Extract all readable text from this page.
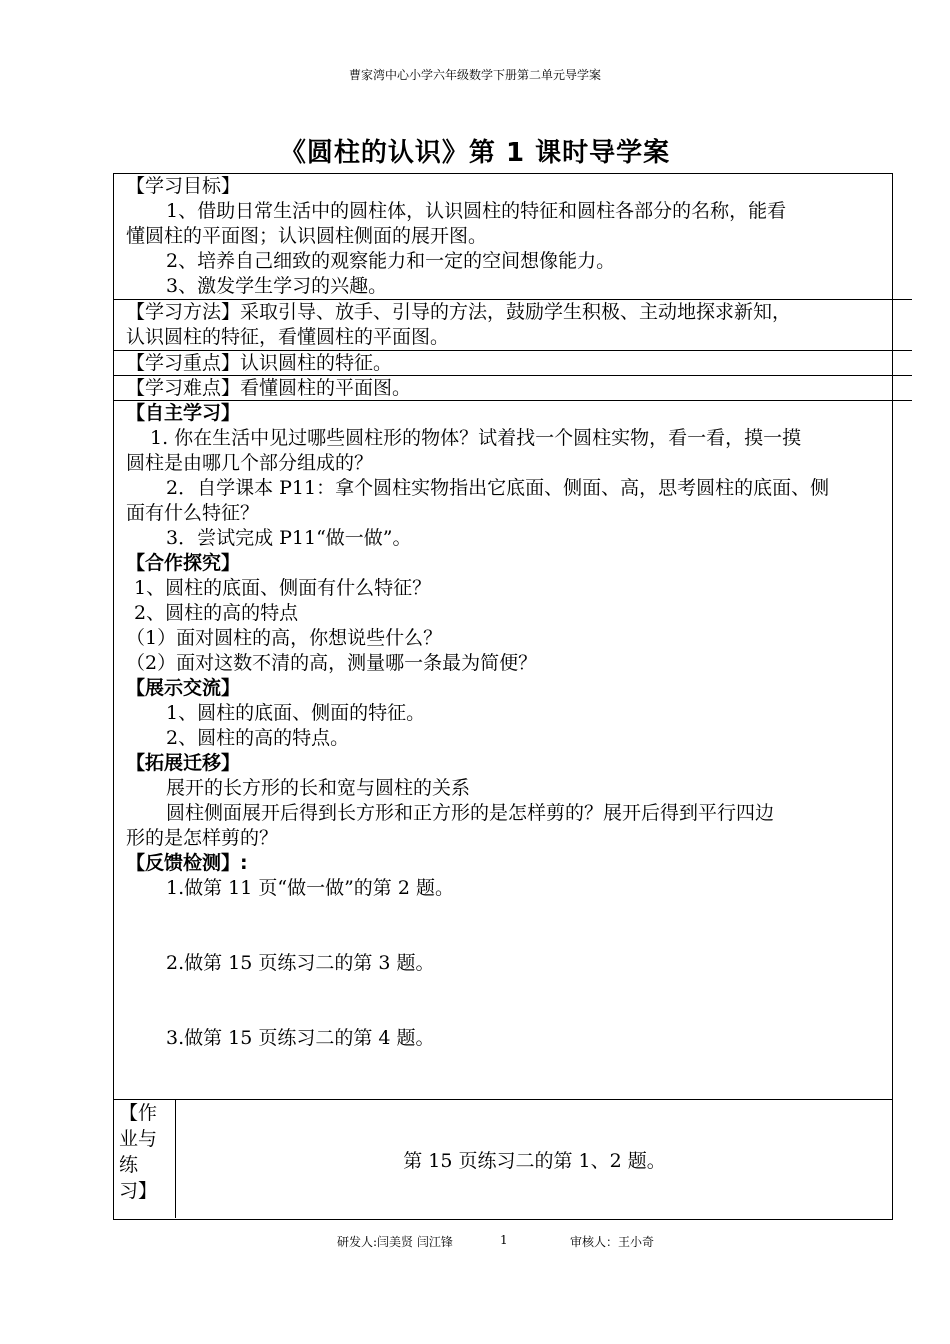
曹家湾中心小学六年级数学下册第二单元导学案
《圆柱的认识》第 1 课时导学案
【学习目标】
1、借助日常生活中的圆柱体，认识圆柱的特征和圆柱各部分的名称，能看
懂圆柱的平面图；认识圆柱侧面的展开图。
2、培养自己细致的观察能力和一定的空间想像能力。
3、激发学生学习的兴趣。
【学习方法】采取引导、放手、引导的方法，鼓励学生积极、主动地探求新知，
认识圆柱的特征，看懂圆柱的平面图。
【学习重点】认识圆柱的特征。
【学习难点】看懂圆柱的平面图。
【自主学习】
1. 你在生活中见过哪些圆柱形的物体？试着找一个圆柱实物，看一看，摸一摸
圆柱是由哪几个部分组成的？
2．自学课本 P11：拿个圆柱实物指出它底面、侧面、高，思考圆柱的底面、侧
面有什么特征？
3．尝试完成 P11“做一做”。
【合作探究】
1、圆柱的底面、侧面有什么特征？
2、圆柱的高的特点
（1）面对圆柱的高，你想说些什么？
（2）面对这数不清的高，测量哪一条最为简便？
【展示交流】
1、圆柱的底面、侧面的特征。
2、圆柱的高的特点。
【拓展迁移】
展开的长方形的长和宽与圆柱的关系
圆柱侧面展开后得到长方形和正方形的是怎样剪的？展开后得到平行四边
形的是怎样剪的？
【反馈检测】:
1.做第 11 页“做一做”的第 2 题。
2.做第 15 页练习二的第 3 题。
3.做第 15 页练习二的第 4 题。
【作
业与
练
习】
第 15 页练习二的第 1、2 题。
研发人:闫美贤 闫江锋	1	审核人：王小奇
